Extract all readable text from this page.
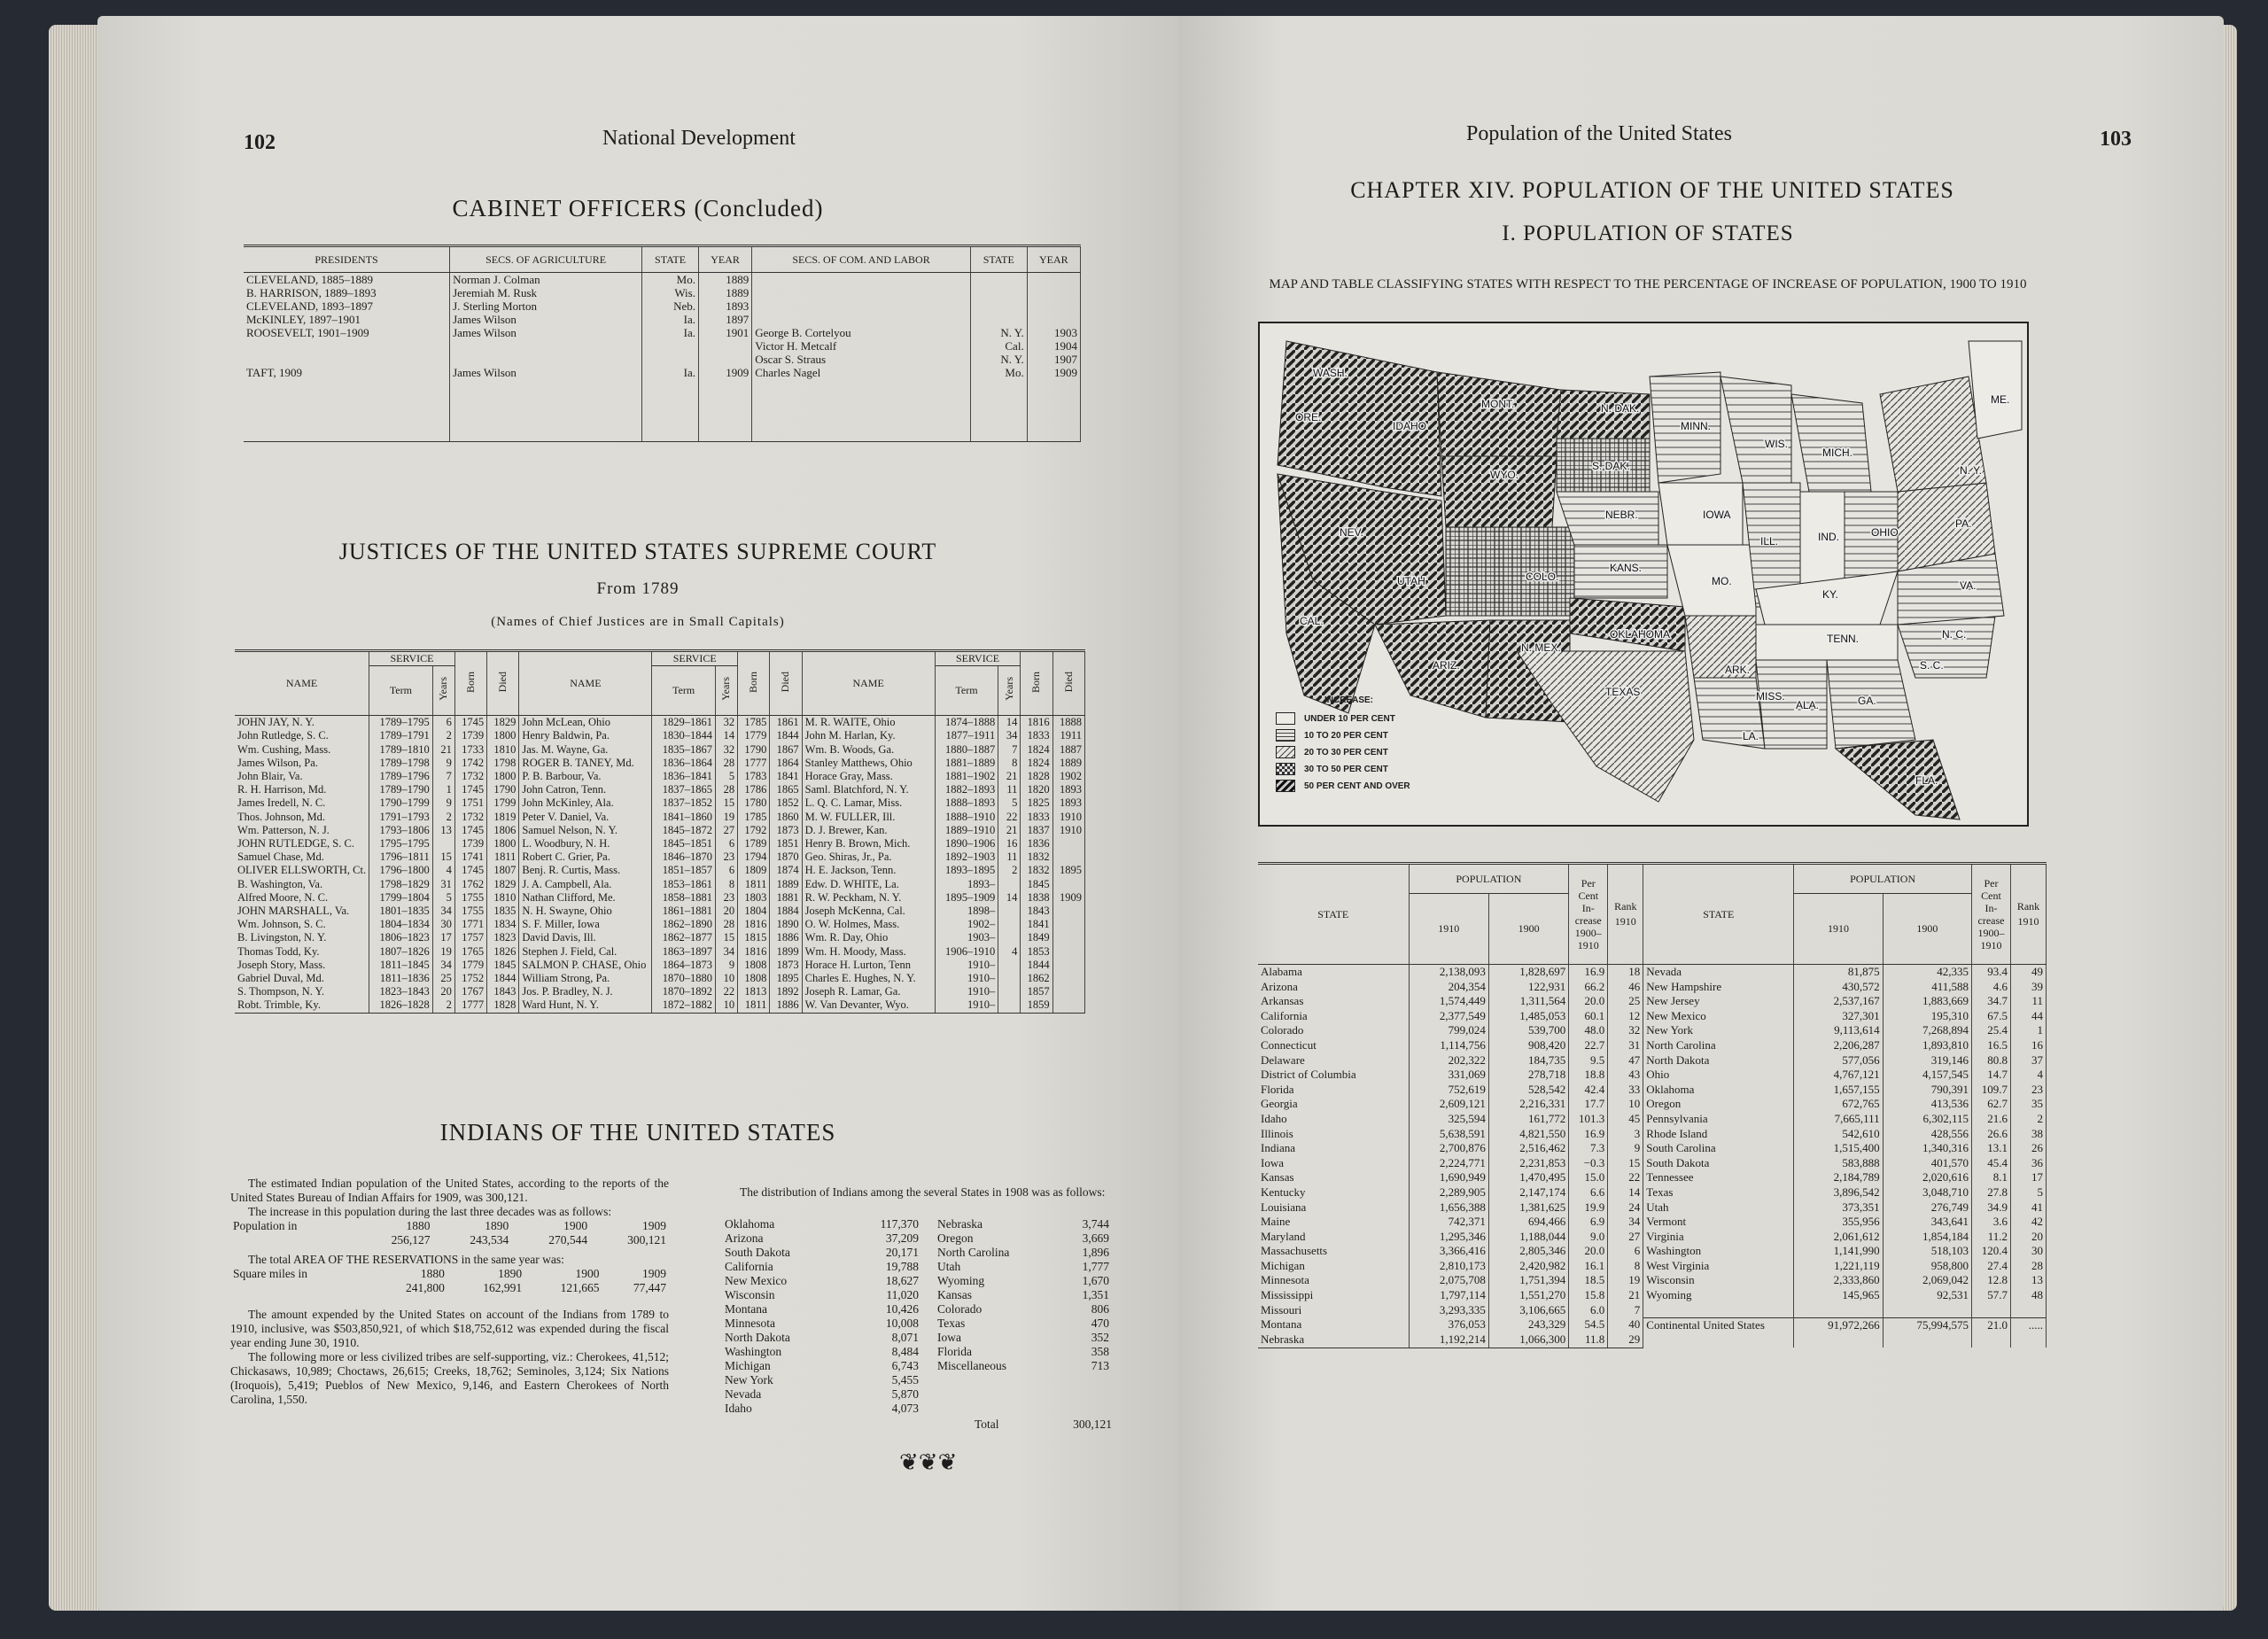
102	National Development
CABINET OFFICERS (Concluded)
PRESIDENTS	SECS. OF AGRICULTURE	STATE	YEAR	SECS. OF COM. AND LABOR	STATE	YEAR
CLEVELAND, 1885–1889	Norman J. Colman	Mo.	1889			
B. HARRISON, 1889–1893	Jeremiah M. Rusk	Wis.	1889			
CLEVELAND, 1893–1897	J. Sterling Morton	Neb.	1893			
McKINLEY, 1897–1901	James Wilson	Ia.	1897			
ROOSEVELT, 1901–1909	James Wilson	Ia.	1901	George B. Cortelyou	N. Y.	1903
				Victor H. Metcalf	Cal.	1904
				Oscar S. Straus	N. Y.	1907
TAFT, 1909	James Wilson	Ia.	1909	Charles Nagel	Mo.	1909

JUSTICES OF THE UNITED STATES SUPREME COURT
From 1789
(Names of Chief Justices are in Small Capitals)
NAME	SERVICE		Born	Died	NAME	SERVICE		Born	Died	NAME	SERVICE		Born	Died
	Term	Years				Term	Years				Term	Years		
JOHN JAY, N. Y.	1789–1795	6	1745	1829	John McLean, Ohio	1829–1861	32	1785	1861	M. R. WAITE, Ohio	1874–1888	14	1816	1888
John Rutledge, S. C.	1789–1791	2	1739	1800	Henry Baldwin, Pa.	1830–1844	14	1779	1844	John M. Harlan, Ky.	1877–1911	34	1833	1911
Wm. Cushing, Mass.	1789–1810	21	1733	1810	Jas. M. Wayne, Ga.	1835–1867	32	1790	1867	Wm. B. Woods, Ga.	1880–1887	7	1824	1887
James Wilson, Pa.	1789–1798	9	1742	1798	ROGER B. TANEY, Md.	1836–1864	28	1777	1864	Stanley Matthews, Ohio	1881–1889	8	1824	1889
John Blair, Va.	1789–1796	7	1732	1800	P. B. Barbour, Va.	1836–1841	5	1783	1841	Horace Gray, Mass.	1881–1902	21	1828	1902
R. H. Harrison, Md.	1789–1790	1	1745	1790	John Catron, Tenn.	1837–1865	28	1786	1865	Saml. Blatchford, N. Y.	1882–1893	11	1820	1893
James Iredell, N. C.	1790–1799	9	1751	1799	John McKinley, Ala.	1837–1852	15	1780	1852	L. Q. C. Lamar, Miss.	1888–1893	5	1825	1893
Thos. Johnson, Md.	1791–1793	2	1732	1819	Peter V. Daniel, Va.	1841–1860	19	1785	1860	M. W. FULLER, Ill.	1888–1910	22	1833	1910
Wm. Patterson, N. J.	1793–1806	13	1745	1806	Samuel Nelson, N. Y.	1845–1872	27	1792	1873	D. J. Brewer, Kan.	1889–1910	21	1837	1910
JOHN RUTLEDGE, S. C.	1795–1795		1739	1800	L. Woodbury, N. H.	1845–1851	6	1789	1851	Henry B. Brown, Mich.	1890–1906	16	1836	
Samuel Chase, Md.	1796–1811	15	1741	1811	Robert C. Grier, Pa.	1846–1870	23	1794	1870	Geo. Shiras, Jr., Pa.	1892–1903	11	1832	
OLIVER ELLSWORTH, Ct.	1796–1800	4	1745	1807	Benj. R. Curtis, Mass.	1851–1857	6	1809	1874	H. E. Jackson, Tenn.	1893–1895	2	1832	1895
B. Washington, Va.	1798–1829	31	1762	1829	J. A. Campbell, Ala.	1853–1861	8	1811	1889	Edw. D. WHITE, La.	1893–		1845	
Alfred Moore, N. C.	1799–1804	5	1755	1810	Nathan Clifford, Me.	1858–1881	23	1803	1881	R. W. Peckham, N. Y.	1895–1909	14	1838	1909
JOHN MARSHALL, Va.	1801–1835	34	1755	1835	N. H. Swayne, Ohio	1861–1881	20	1804	1884	Joseph McKenna, Cal.	1898–		1843	
Wm. Johnson, S. C.	1804–1834	30	1771	1834	S. F. Miller, Iowa	1862–1890	28	1816	1890	O. W. Holmes, Mass.	1902–		1841	
B. Livingston, N. Y.	1806–1823	17	1757	1823	David Davis, Ill.	1862–1877	15	1815	1886	Wm. R. Day, Ohio	1903–		1849	
Thomas Todd, Ky.	1807–1826	19	1765	1826	Stephen J. Field, Cal.	1863–1897	34	1816	1899	Wm. H. Moody, Mass.	1906–1910	4	1853	
Joseph Story, Mass.	1811–1845	34	1779	1845	SALMON P. CHASE, Ohio	1864–1873	9	1808	1873	Horace H. Lurton, Tenn	1910–		1844	
Gabriel Duval, Md.	1811–1836	25	1752	1844	William Strong, Pa.	1870–1880	10	1808	1895	Charles E. Hughes, N. Y.	1910–		1862	
S. Thompson, N. Y.	1823–1843	20	1767	1843	Jos. P. Bradley, N. J.	1870–1892	22	1813	1892	Joseph R. Lamar, Ga.	1910–		1857	
Robt. Trimble, Ky.	1826–1828	2	1777	1828	Ward Hunt, N. Y.	1872–1882	10	1811	1886	W. Van Devanter, Wyo.	1910–		1859	
INDIANS OF THE UNITED STATES

The estimated Indian population of the United States, according to the reports of the United States Bureau of Indian Affairs for 1909, was 300,121.

The increase in this population during the last three decades was as follows:

Population in	1880	1890	1900	1909
	256,127	243,534	270,544	300,121

The total AREA OF THE RESERVATIONS in the same year was:

Square miles in	1880	1890	1900	1909
	241,800	162,991	121,665	77,447

The amount expended by the United States on account of the Indians from 1789 to 1910, inclusive, was $503,850,921, of which $18,752,612 was expended during the fiscal year ending June 30, 1910.

The following more or less civilized tribes are self-supporting, viz.: Cherokees, 41,512; Chickasaws, 10,989; Choctaws, 26,615; Creeks, 18,762; Seminoles, 3,124; Six Nations (Iroquois), 5,419; Pueblos of New Mexico, 9,146, and Eastern Cherokees of North Carolina, 1,550.

The distribution of Indians among the several States in 1908 was as follows:

Oklahoma	117,370
Arizona	37,209
South Dakota	20,171
California	19,788
New Mexico	18,627
Wisconsin	11,020
Montana	10,426
Minnesota	10,008
North Dakota	8,071
Washington	8,484
Michigan	6,743
New York	5,455
Nevada	5,870
Idaho	4,073
Nebraska	3,744
Oregon	3,669
North Carolina	1,896
Utah	1,777
Wyoming	1,670
Kansas	1,351
Colorado	806
Texas	470
Iowa	352
Florida	358
Miscellaneous	713
Total	300,121
❦❦❦
Population of the United States	103
CHAPTER XIV. POPULATION OF THE UNITED STATES
I. POPULATION OF STATES
MAP AND TABLE CLASSIFYING STATES WITH RESPECT TO THE PERCENTAGE OF INCREASE OF POPULATION, 1900 TO 1910
WASH.
ORE.
IDAHO
MONT.
WYO.
N. DAK.
S. DAK.
NEBR.
KANS.
OKLAHOMA
TEXAS
NEV.
CAL.
UTAH	COLO.
ARIZ.
N. MEX.
MINN.
IOWA
MO.
ARK.
LA.
WIS.
ILL.
MICH.
IND.	OHIO
KY.
TENN.
MISS.
ALA.	GA.
FLA.
S. C.
N. C.
VA.
PA.
N. Y.
ME.
INCREASE:
UNDER 10 PER CENT
10 TO 20 PER CENT
20 TO 30 PER CENT
30 TO 50 PER CENT
50 PER CENT AND OVER
STATE	POPULATION		Per Cent In- crease 1900–1910	Rank 1910	STATE	POPULATION		Per Cent In- crease 1900–1910	Rank 1910
	1910	1900				1910	1900		
Alabama	2,138,093	1,828,697	16.9	18	Nevada	81,875	42,335	93.4	49
Arizona	204,354	122,931	66.2	46	New Hampshire	430,572	411,588	4.6	39
Arkansas	1,574,449	1,311,564	20.0	25	New Jersey	2,537,167	1,883,669	34.7	11
California	2,377,549	1,485,053	60.1	12	New Mexico	327,301	195,310	67.5	44
Colorado	799,024	539,700	48.0	32	New York	9,113,614	7,268,894	25.4	1
Connecticut	1,114,756	908,420	22.7	31	North Carolina	2,206,287	1,893,810	16.5	16
Delaware	202,322	184,735	9.5	47	North Dakota	577,056	319,146	80.8	37
District of Columbia	331,069	278,718	18.8	43	Ohio	4,767,121	4,157,545	14.7	4
Florida	752,619	528,542	42.4	33	Oklahoma	1,657,155	790,391	109.7	23
Georgia	2,609,121	2,216,331	17.7	10	Oregon	672,765	413,536	62.7	35
Idaho	325,594	161,772	101.3	45	Pennsylvania	7,665,111	6,302,115	21.6	2
Illinois	5,638,591	4,821,550	16.9	3	Rhode Island	542,610	428,556	26.6	38
Indiana	2,700,876	2,516,462	7.3	9	South Carolina	1,515,400	1,340,316	13.1	26
Iowa	2,224,771	2,231,853	−0.3	15	South Dakota	583,888	401,570	45.4	36
Kansas	1,690,949	1,470,495	15.0	22	Tennessee	2,184,789	2,020,616	8.1	17
Kentucky	2,289,905	2,147,174	6.6	14	Texas	3,896,542	3,048,710	27.8	5
Louisiana	1,656,388	1,381,625	19.9	24	Utah	373,351	276,749	34.9	41
Maine	742,371	694,466	6.9	34	Vermont	355,956	343,641	3.6	42
Maryland	1,295,346	1,188,044	9.0	27	Virginia	2,061,612	1,854,184	11.2	20
Massachusetts	3,366,416	2,805,346	20.0	6	Washington	1,141,990	518,103	120.4	30
Michigan	2,810,173	2,420,982	16.1	8	West Virginia	1,221,119	958,800	27.4	28
Minnesota	2,075,708	1,751,394	18.5	19	Wisconsin	2,333,860	2,069,042	12.8	13
Mississippi	1,797,114	1,551,270	15.8	21	Wyoming	145,965	92,531	57.7	48
Missouri	3,293,335	3,106,665	6.0	7					
Montana	376,053	243,329	54.5	40	Continental United States	91,972,266	75,994,575	21.0	.....
Nebraska	1,192,214	1,066,300	11.8	29					
